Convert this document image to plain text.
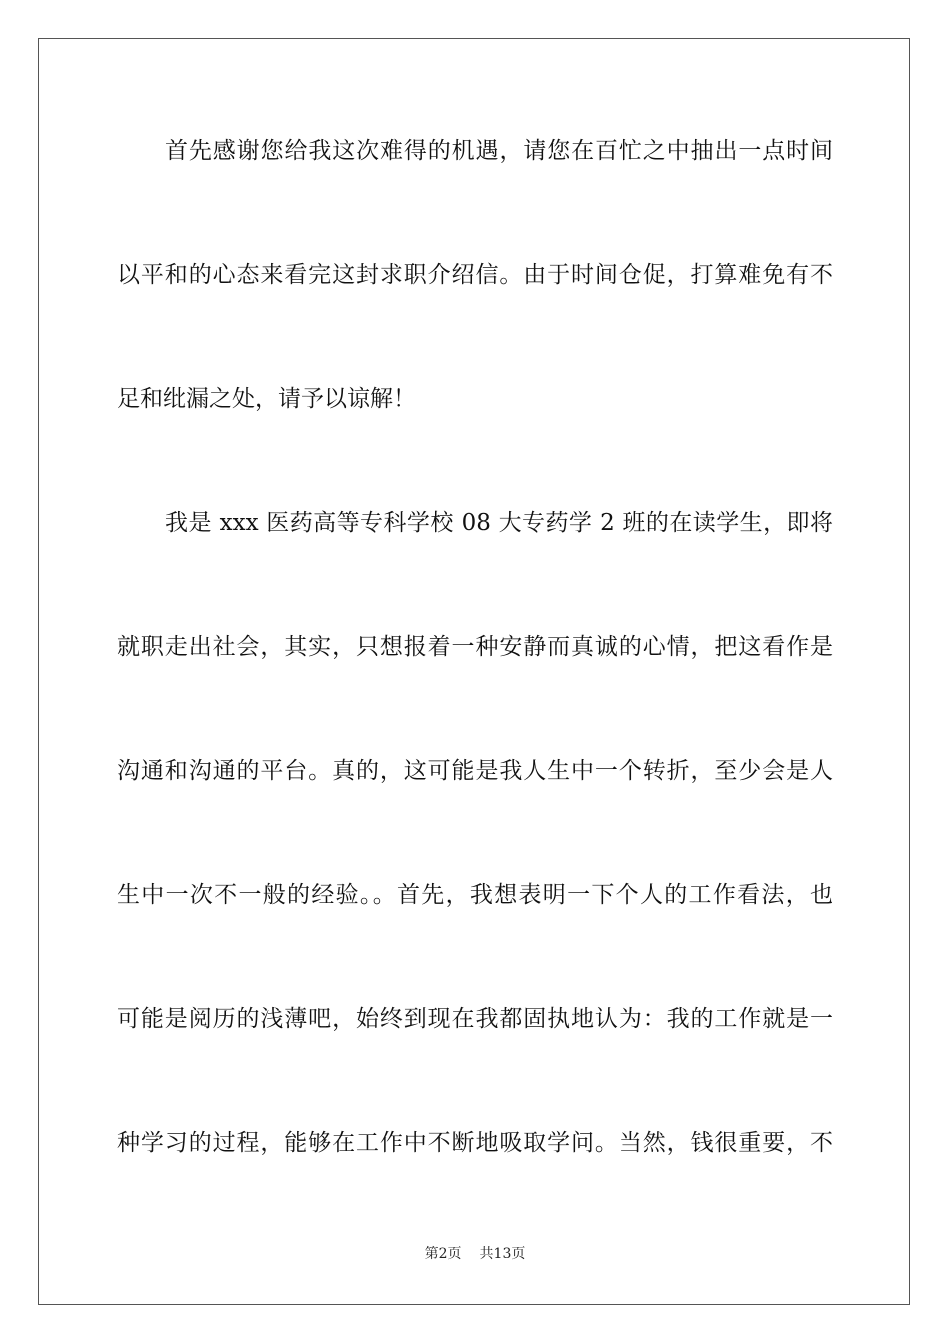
首先感谢您给我这次难得的机遇，请您在百忙之中抽出一点时间
以平和的心态来看完这封求职介绍信。由于时间仓促，打算难免有不
足和纰漏之处，请予以谅解！
我是 xxx 医药高等专科学校 08 大专药学 2 班的在读学生，即将
就职走出社会，其实，只想报着一种安静而真诚的心情，把这看作是
沟通和沟通的平台。真的，这可能是我人生中一个转折，至少会是人
生中一次不一般的经验。。首先，我想表明一下个人的工作看法，也
可能是阅历的浅薄吧，始终到现在我都固执地认为：我的工作就是一
种学习的过程，能够在工作中不断地吸取学问。当然，钱很重要，不
第2页 共13页
